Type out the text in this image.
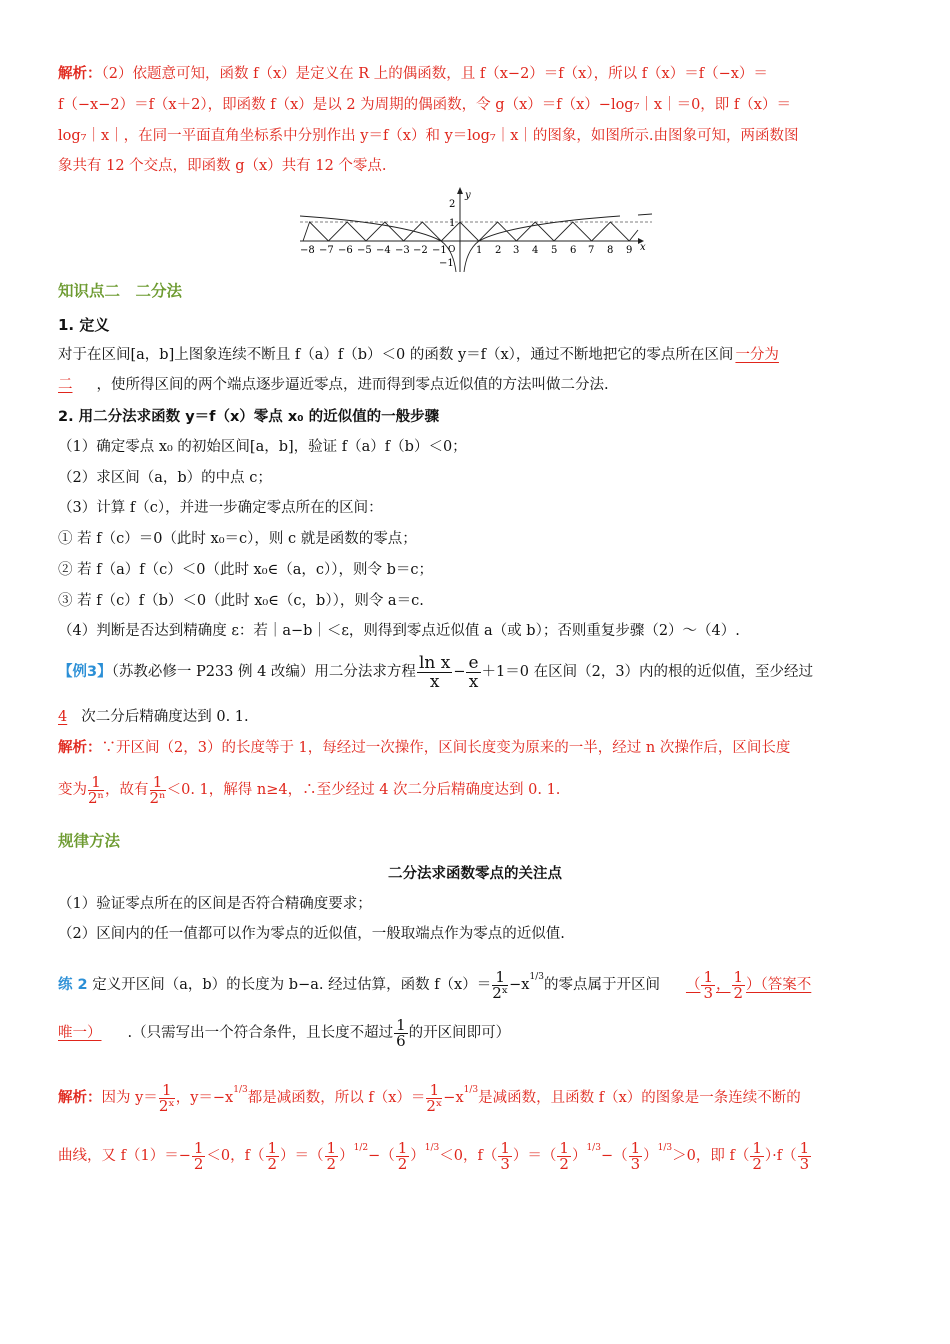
解析：（2）依题意可知，函数 f（x）是定义在 R 上的偶函数，且 f（x−2）＝f（x），所以 f（x）＝f（−x）＝
f（−x−2）＝f（x＋2），即函数 f（x）是以 2 为周期的偶函数，令 g（x）＝f（x）−log₇｜x｜＝0，即 f（x）＝
log₇｜x｜，在同一平面直角坐标系中分别作出 y＝f（x）和 y＝log₇｜x｜的图象，如图所示.由图象可知，两函数图
象共有 12 个交点，即函数 g（x）共有 12 个零点.
y
x
2
1
−1
O
−8 −7 −6 −5 −4 −3 −2 −1	1 2 3 4 5 6 7 8 9
知识点二　二分法
1. 定义
对于在区间[a，b]上图象连续不断且 f（a）f（b）＜0 的函数 y＝f（x），通过不断地把它的零点所在区间 一分为
二 ，使所得区间的两个端点逐步逼近零点，进而得到零点近似值的方法叫做二分法.
2. 用二分法求函数 y＝f（x）零点 x₀ 的近似值的一般步骤
（1）确定零点 x₀ 的初始区间[a，b]，验证 f（a）f（b）＜0；
（2）求区间（a，b）的中点 c；
（3）计算 f（c），并进一步确定零点所在的区间：
① 若 f（c）＝0（此时 x₀＝c），则 c 就是函数的零点；
② 若 f（a）f（c）＜0（此时 x₀∈（a，c）），则令 b＝c；
③ 若 f（c）f（b）＜0（此时 x₀∈（c，b）），则令 a＝c.
（4）判断是否达到精确度 ε：若｜a−b｜＜ε，则得到零点近似值 a（或 b）；否则重复步骤（2）～（4）.
【例3】（苏教必修一 P233 例 4 改编）用二分法求方程 $\frac{\text{ln x}}{x} - \frac{e}{x} +1=0$ 在区间（2，3）内的根的近似值，至少经过
4 次二分后精确度达到 0. 1.
解析：∵开区间（2，3）的长度等于 1，每经过一次操作，区间长度变为原来的一半，经过 n 次操作后，区间长度
变为 $\frac{1}{\text{2ⁿ}}$ ，故有 $\frac{1}{\text{2ⁿ}} <0$. 1，解得 n≥4，∴至少经过 4 次二分后精确度达到 0. 1.
规律方法
二分法求函数零点的关注点
（1）验证零点所在的区间是否符合精确度要求；
（2）区间内的任一值都可以作为零点的近似值，一般取端点作为零点的近似值.
练 2 定义开区间（a，b）的长度为 b−a. 经过估算，函数 $f(x)= \frac{1}{\text{2ˣ}} -x^{1/3}$的零点属于开区间 （ $\frac{1}{3}$ ， $\frac{1}{2}$ ）（答案不
唯一） .（只需写出一个符合条件，且长度不超过 $\frac{1}{6}$ 的开区间即可）
解析：因为 $y= \frac{1}{\text{2ˣ}}$ ，$y=-x^{1/3}$都是减函数，所以 $f(x)= \frac{1}{\text{2ˣ}} -x^{1/3}$是减函数，且函数 f（x）的图象是一条连续不断的
曲线，又 $f(1)=- \frac{1}{2} <0$，$f( \frac{1}{2}$ ）＝（ $\frac{1}{2} )^{1/2}-( \frac{1}{2} )^{1/3}<0$，$f( \frac{1}{3}$ ）＝（ $\frac{1}{2} )^{1/3}-( \frac{1}{3} )^{1/3}>0$，即 $f( \frac{1}{2} )\cdot f( \frac{1}{3}$
